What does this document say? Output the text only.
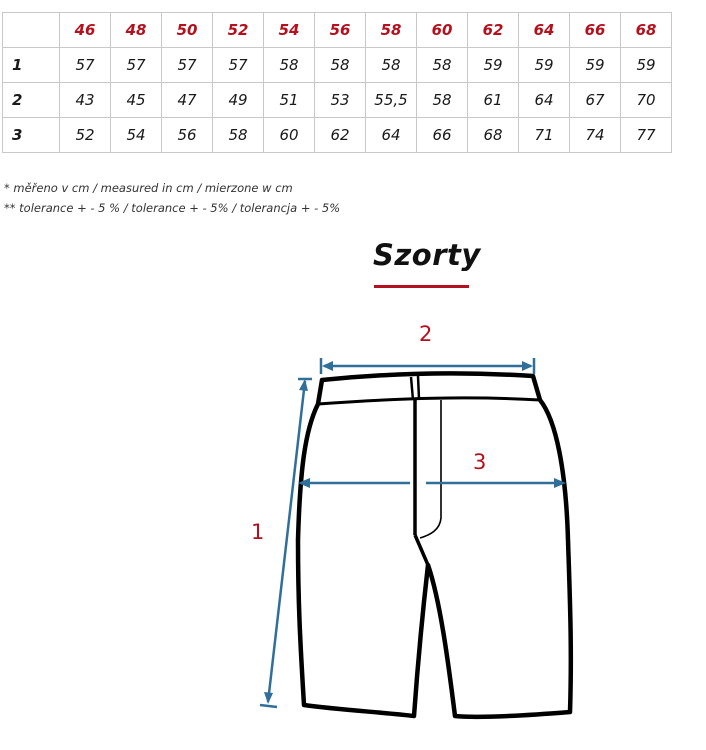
	46	48	50	52	54	56	58	60	62	64	66	68
1	57	57	57	57	58	58	58	58	59	59	59	59
2	43	45	47	49	51	53	55,5	58	61	64	67	70
3	52	54	56	58	60	62	64	66	68	71	74	77
* měřeno v cm / measured in cm / mierzone w cm
** tolerance + - 5 % / tolerance + - 5% / tolerancja + - 5%
Szorty
2
3
1
